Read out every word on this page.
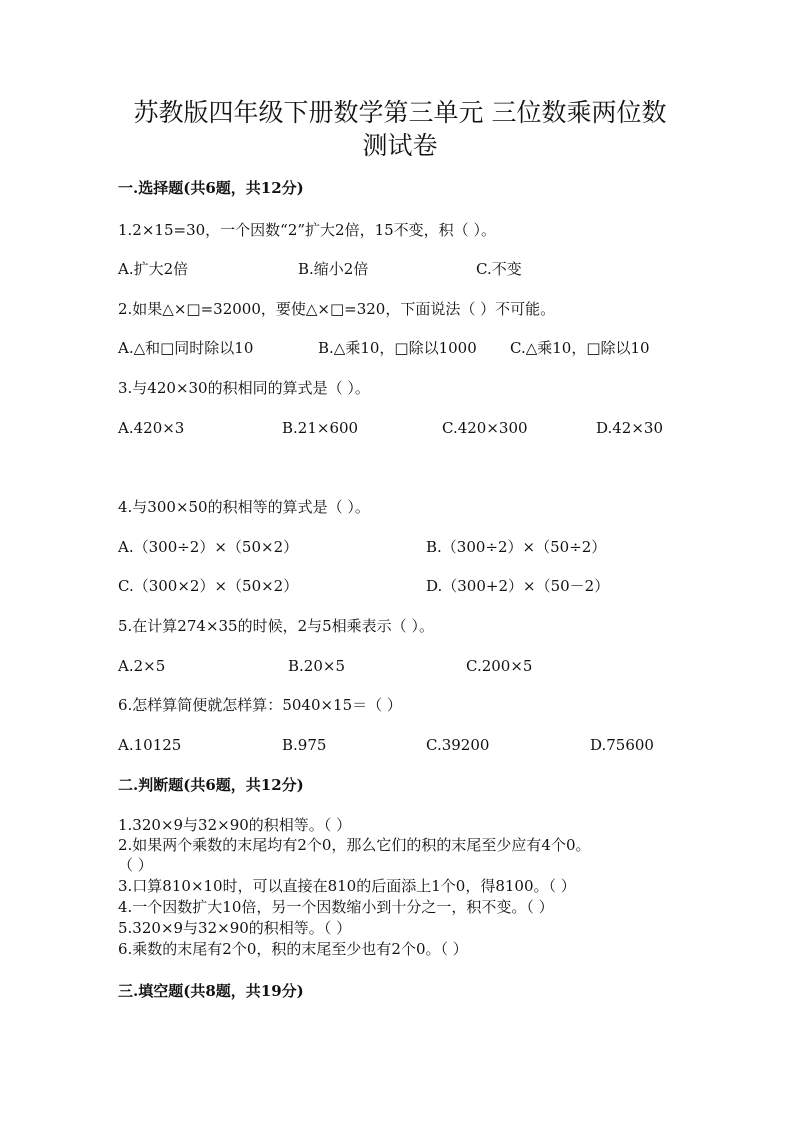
苏教版四年级下册数学第三单元 三位数乘两位数
测试卷
一.选择题(共6题，共12分)
1.2×15=30，一个因数“2”扩大2倍，15不变，积（ ）。
A.扩大2倍	B.缩小2倍	C.不变
2.如果△×□=32000，要使△×□=320，下面说法（ ）不可能。
A.△和□同时除以10	B.△乘10，□除以1000 C.△乘10，□除以10
3.与420×30的积相同的算式是（ ）。
A.420×3	B.21×600	C.420×300	D.42×30
4.与300×50的积相等的算式是（ ）。
A.（300÷2）×（50×2）	B.（300÷2）×（50÷2）
C.（300×2）×（50×2）	D.（300+2）×（50－2）
5.在计算274×35的时候，2与5相乘表示（ ）。
A.2×5	B.20×5	C.200×5
6.怎样算简便就怎样算：5040×15＝（ ）
A.10125	B.975	C.39200	D.75600
二.判断题(共6题，共12分)
1.320×9与32×90的积相等。（ ）
2.如果两个乘数的末尾均有2个0，那么它们的积的末尾至少应有4个0。
（ ）
3.口算810×10时，可以直接在810的后面添上1个0，得8100。（ ）
4.一个因数扩大10倍，另一个因数缩小到十分之一，积不变。（ ）
5.320×9与32×90的积相等。（ ）
6.乘数的末尾有2个0，积的末尾至少也有2个0。（ ）
三.填空题(共8题，共19分)
